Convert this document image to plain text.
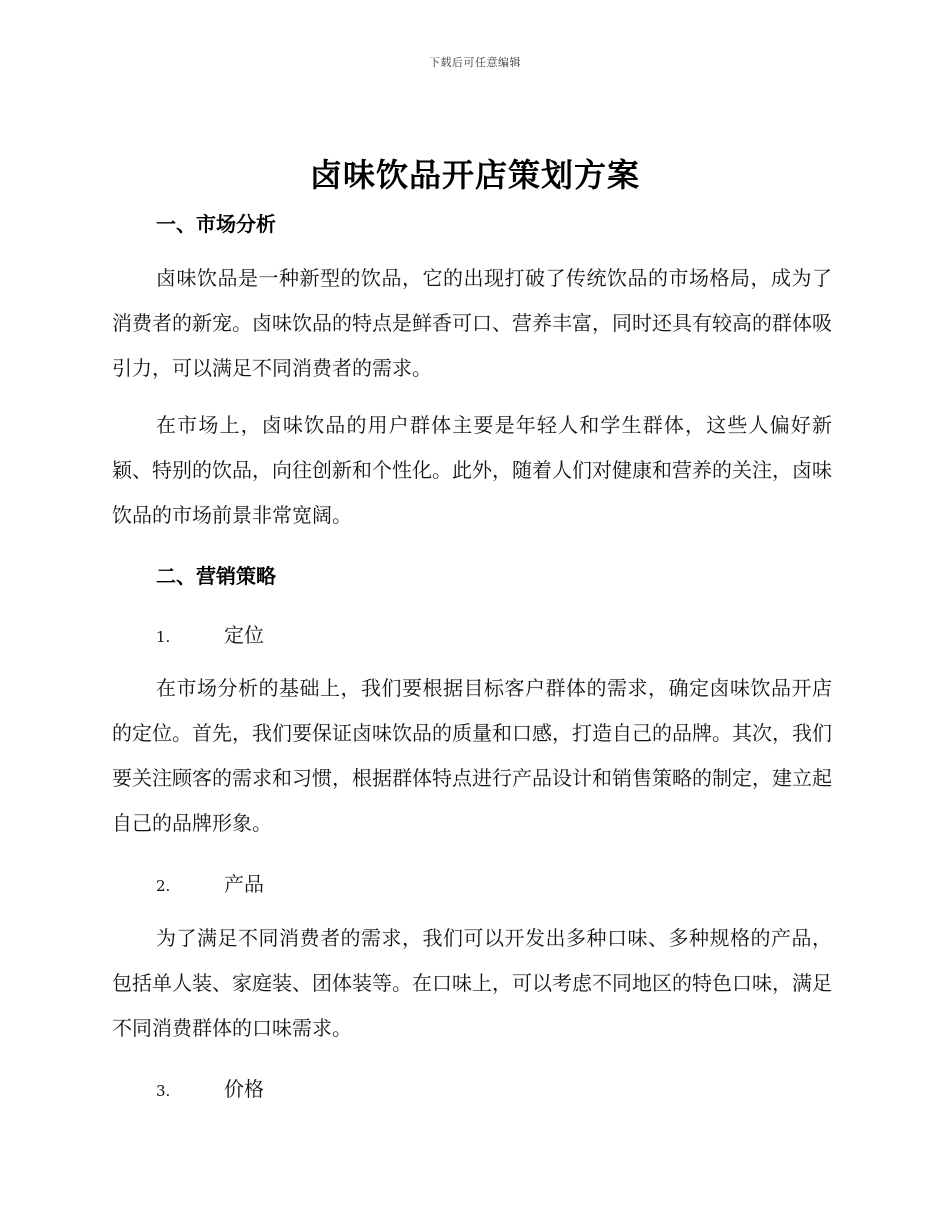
下载后可任意编辑
卤味饮品开店策划方案
一、市场分析

卤味饮品是一种新型的饮品，它的出现打破了传统饮品的市场格局，成为了消费者的新宠。卤味饮品的特点是鲜香可口、营养丰富，同时还具有较高的群体吸引力，可以满足不同消费者的需求。

在市场上，卤味饮品的用户群体主要是年轻人和学生群体，这些人偏好新颖、特别的饮品，向往创新和个性化。此外，随着人们对健康和营养的关注，卤味饮品的市场前景非常宽阔。

二、营销策略
1.	定位

在市场分析的基础上，我们要根据目标客户群体的需求，确定卤味饮品开店的定位。首先，我们要保证卤味饮品的质量和口感，打造自己的品牌。其次，我们要关注顾客的需求和习惯，根据群体特点进行产品设计和销售策略的制定，建立起自己的品牌形象。

2.	产品

为了满足不同消费者的需求，我们可以开发出多种口味、多种规格的产品，包括单人装、家庭装、团体装等。在口味上，可以考虑不同地区的特色口味，满足不同消费群体的口味需求。

3.	价格
